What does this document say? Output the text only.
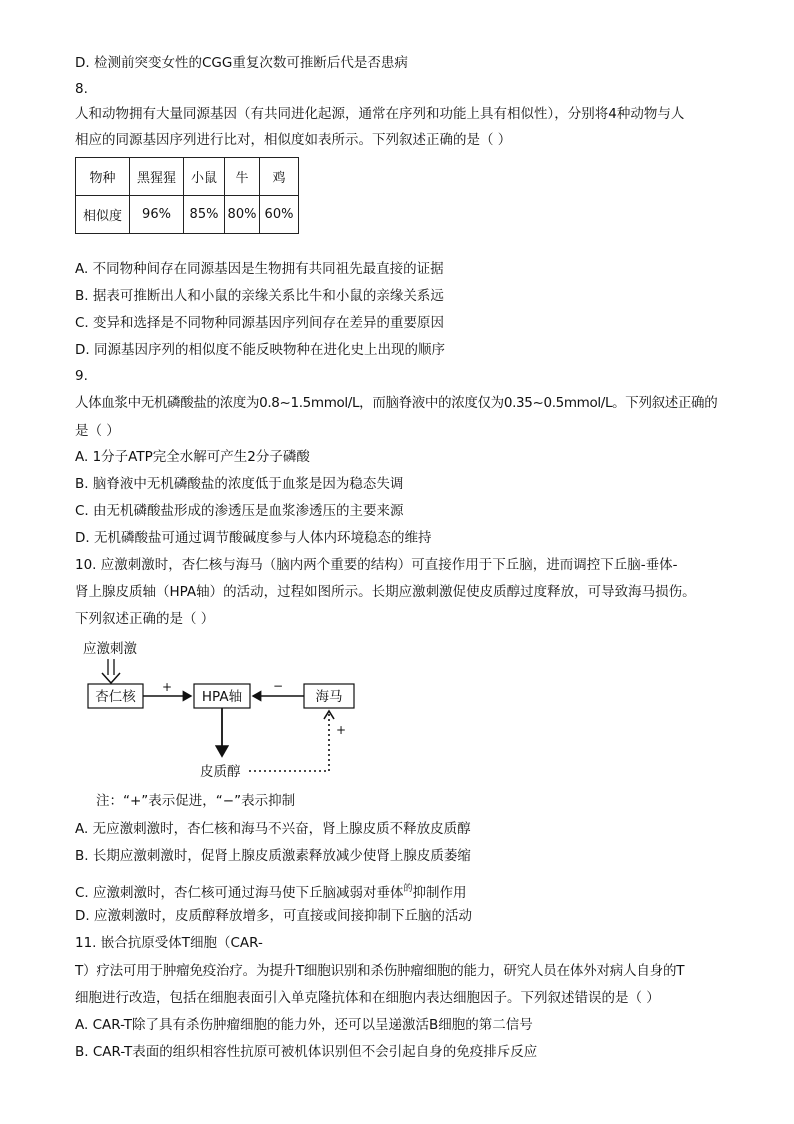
D. 检测前突变女性的CGG重复次数可推断后代是否患病
8.
人和动物拥有大量同源基因（有共同进化起源，通常在序列和功能上具有相似性），分别将4种动物与人
相应的同源基因序列进行比对，相似度如表所示。下列叙述正确的是（ ）
物种	黑猩猩	小鼠	牛	鸡
相似度	96%	85%	80%	60%
A. 不同物种间存在同源基因是生物拥有共同祖先最直接的证据
B. 据表可推断出人和小鼠的亲缘关系比牛和小鼠的亲缘关系远
C. 变异和选择是不同物种同源基因序列间存在差异的重要原因
D. 同源基因序列的相似度不能反映物种在进化史上出现的顺序
9.
人体血浆中无机磷酸盐的浓度为0.8~1.5mmol/L，而脑脊液中的浓度仅为0.35~0.5mmol/L。下列叙述正确的
是（ ）
A. 1分子ATP完全水解可产生2分子磷酸
B. 脑脊液中无机磷酸盐的浓度低于血浆是因为稳态失调
C. 由无机磷酸盐形成的渗透压是血浆渗透压的主要来源
D. 无机磷酸盐可通过调节酸碱度参与人体内环境稳态的维持
10. 应激刺激时，杏仁核与海马（脑内两个重要的结构）可直接作用于下丘脑，进而调控下丘脑-垂体-
肾上腺皮质轴（HPA轴）的活动，过程如图所示。长期应激刺激促使皮质醇过度释放，可导致海马损伤。
下列叙述正确的是（ ）
应激刺激
杏仁核	HPA轴	海马
+	−
皮质醇
+
注：“+”表示促进，“−”表示抑制
A. 无应激刺激时，杏仁核和海马不兴奋，肾上腺皮质不释放皮质醇
B. 长期应激刺激时，促肾上腺皮质激素释放减少使肾上腺皮质萎缩
C. 应激刺激时，杏仁核可通过海马使下丘脑减弱对垂体$^的$抑制作用
D. 应激刺激时，皮质醇释放增多，可直接或间接抑制下丘脑的活动
11. 嵌合抗原受体T细胞（CAR-
T）疗法可用于肿瘤免疫治疗。为提升T细胞识别和杀伤肿瘤细胞的能力，研究人员在体外对病人自身的T
细胞进行改造，包括在细胞表面引入单克隆抗体和在细胞内表达细胞因子。下列叙述错误的是（ ）
A. CAR-T除了具有杀伤肿瘤细胞的能力外，还可以呈递激活B细胞的第二信号
B. CAR-T表面的组织相容性抗原可被机体识别但不会引起自身的免疫排斥反应
